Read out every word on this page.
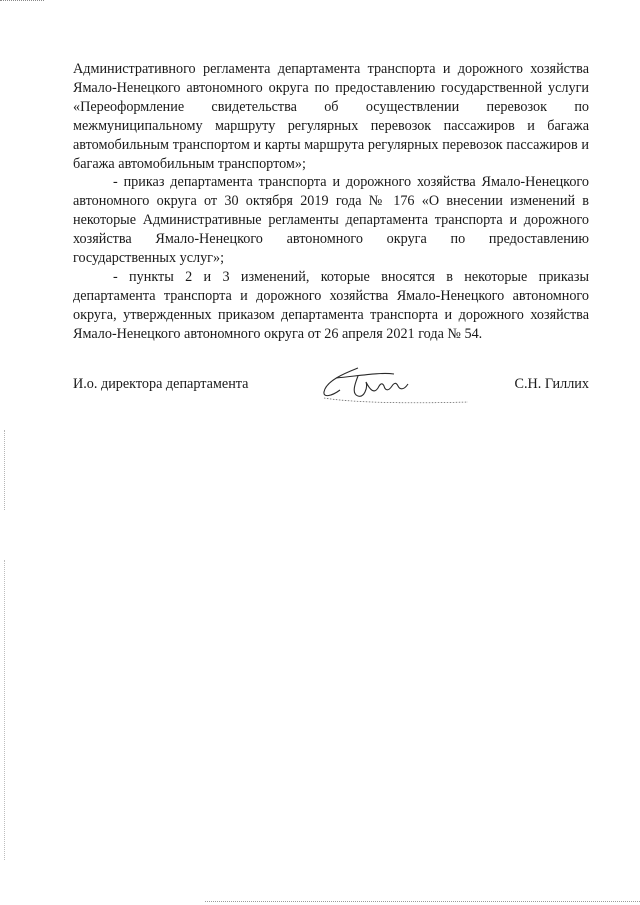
Административного регламента департамента транспорта и дорожного хозяйства Ямало-Ненецкого автономного округа по предоставлению государственной услуги «Переоформление свидетельства об осуществлении перевозок по межмуниципальному маршруту регулярных перевозок пассажиров и багажа автомобильным транспортом и карты маршрута регулярных перевозок пассажиров и багажа автомобильным транспортом»;

- приказ департамента транспорта и дорожного хозяйства Ямало-Ненецкого автономного округа от 30 октября 2019 года № 176 «О внесении изменений в некоторые Административные регламенты департамента транспорта и дорожного хозяйства Ямало-Ненецкого автономного округа по предоставлению государственных услуг»;

- пункты 2 и 3 изменений, которые вносятся в некоторые приказы департамента транспорта и дорожного хозяйства Ямало-Ненецкого автономного округа, утвержденных приказом департамента транспорта и дорожного хозяйства Ямало-Ненецкого автономного округа от 26 апреля 2021 года № 54.

И.о. директора департамента	С.Н. Гиллих
